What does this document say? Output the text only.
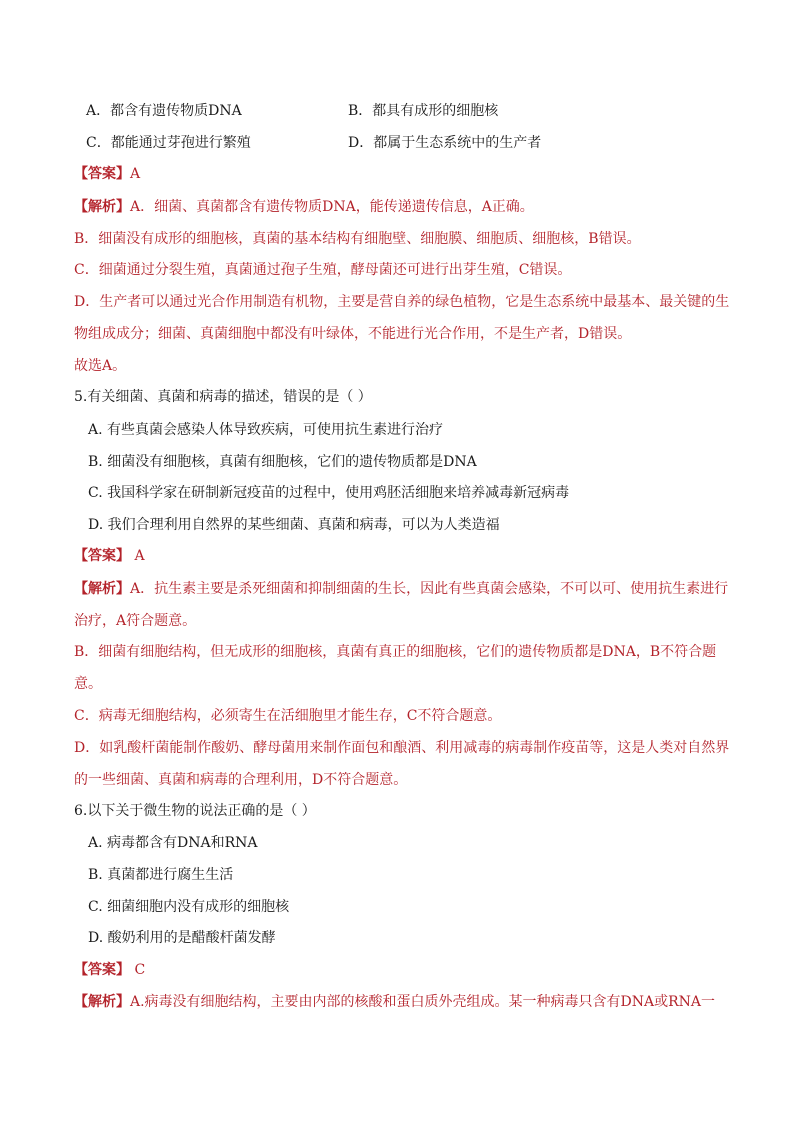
A．都含有遗传物质DNA	B．都具有成形的细胞核
C．都能通过芽孢进行繁殖	D．都属于生态系统中的生产者
【答案】A
【解析】A．细菌、真菌都含有遗传物质DNA，能传递遗传信息，A正确。
B．细菌没有成形的细胞核，真菌的基本结构有细胞壁、细胞膜、细胞质、细胞核，B错误。
C．细菌通过分裂生殖，真菌通过孢子生殖，酵母菌还可进行出芽生殖，C错误。
D．生产者可以通过光合作用制造有机物，主要是营自养的绿色植物，它是生态系统中最基本、最关键的生
物组成成分；细菌、真菌细胞中都没有叶绿体，不能进行光合作用，不是生产者，D错误。
故选A。
5.有关细菌、真菌和病毒的描述，错误的是（ ）
A. 有些真菌会感染人体导致疾病，可使用抗生素进行治疗
B. 细菌没有细胞核，真菌有细胞核，它们的遗传物质都是DNA
C. 我国科学家在研制新冠疫苗的过程中，使用鸡胚活细胞来培养减毒新冠病毒
D. 我们合理利用自然界的某些细菌、真菌和病毒，可以为人类造福
【答案】 A
【解析】A．抗生素主要是杀死细菌和抑制细菌的生长，因此有些真菌会感染，不可以可、使用抗生素进行
治疗，A符合题意。
B．细菌有细胞结构，但无成形的细胞核，真菌有真正的细胞核，它们的遗传物质都是DNA，B不符合题
意。
C．病毒无细胞结构，必须寄生在活细胞里才能生存，C不符合题意。
D．如乳酸杆菌能制作酸奶、酵母菌用来制作面包和酿酒、利用减毒的病毒制作疫苗等，这是人类对自然界
的一些细菌、真菌和病毒的合理利用，D不符合题意。
6.以下关于微生物的说法正确的是（ ）
A. 病毒都含有DNA和RNA
B. 真菌都进行腐生生活
C. 细菌细胞内没有成形的细胞核
D. 酸奶利用的是醋酸杆菌发酵
【答案】 C
【解析】A.病毒没有细胞结构，主要由内部的核酸和蛋白质外壳组成。某一种病毒只含有DNA或RNA一
